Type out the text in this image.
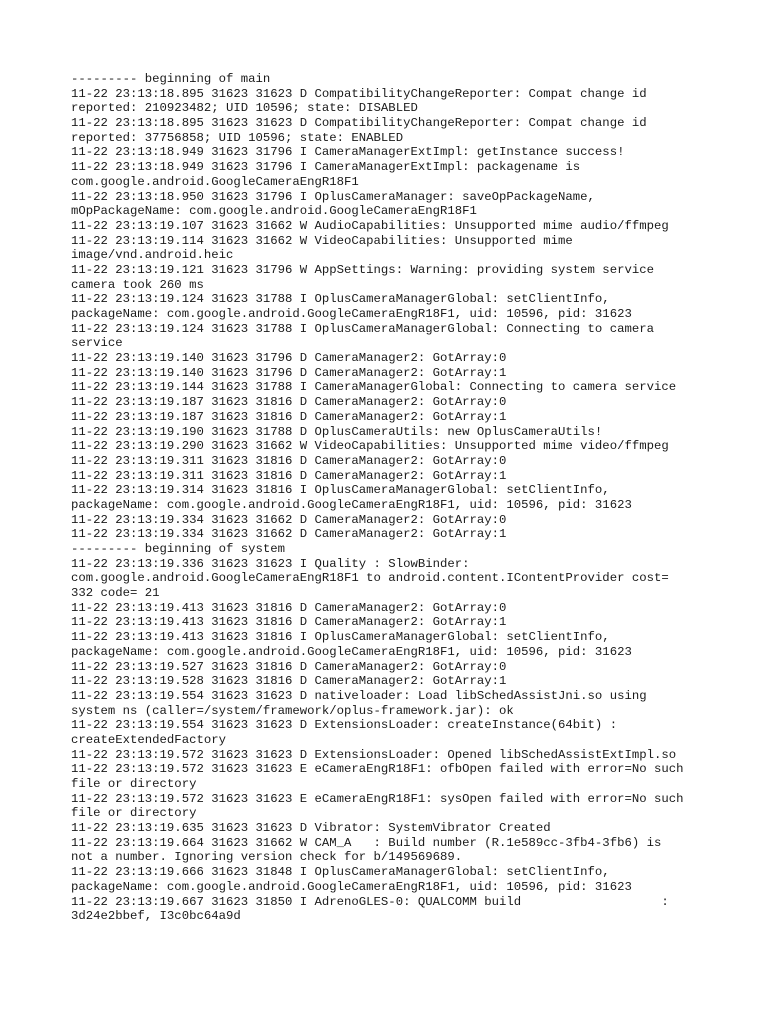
--------- beginning of main
11-22 23:13:18.895 31623 31623 D CompatibilityChangeReporter: Compat change id
reported: 210923482; UID 10596; state: DISABLED
11-22 23:13:18.895 31623 31623 D CompatibilityChangeReporter: Compat change id
reported: 37756858; UID 10596; state: ENABLED
11-22 23:13:18.949 31623 31796 I CameraManagerExtImpl: getInstance success!
11-22 23:13:18.949 31623 31796 I CameraManagerExtImpl: packagename is
com.google.android.GoogleCameraEngR18F1
11-22 23:13:18.950 31623 31796 I OplusCameraManager: saveOpPackageName,
mOpPackageName: com.google.android.GoogleCameraEngR18F1
11-22 23:13:19.107 31623 31662 W AudioCapabilities: Unsupported mime audio/ffmpeg
11-22 23:13:19.114 31623 31662 W VideoCapabilities: Unsupported mime
image/vnd.android.heic
11-22 23:13:19.121 31623 31796 W AppSettings: Warning: providing system service
camera took 260 ms
11-22 23:13:19.124 31623 31788 I OplusCameraManagerGlobal: setClientInfo,
packageName: com.google.android.GoogleCameraEngR18F1, uid: 10596, pid: 31623
11-22 23:13:19.124 31623 31788 I OplusCameraManagerGlobal: Connecting to camera
service
11-22 23:13:19.140 31623 31796 D CameraManager2: GotArray:0
11-22 23:13:19.140 31623 31796 D CameraManager2: GotArray:1
11-22 23:13:19.144 31623 31788 I CameraManagerGlobal: Connecting to camera service
11-22 23:13:19.187 31623 31816 D CameraManager2: GotArray:0
11-22 23:13:19.187 31623 31816 D CameraManager2: GotArray:1
11-22 23:13:19.190 31623 31788 D OplusCameraUtils: new OplusCameraUtils!
11-22 23:13:19.290 31623 31662 W VideoCapabilities: Unsupported mime video/ffmpeg
11-22 23:13:19.311 31623 31816 D CameraManager2: GotArray:0
11-22 23:13:19.311 31623 31816 D CameraManager2: GotArray:1
11-22 23:13:19.314 31623 31816 I OplusCameraManagerGlobal: setClientInfo,
packageName: com.google.android.GoogleCameraEngR18F1, uid: 10596, pid: 31623
11-22 23:13:19.334 31623 31662 D CameraManager2: GotArray:0
11-22 23:13:19.334 31623 31662 D CameraManager2: GotArray:1
--------- beginning of system
11-22 23:13:19.336 31623 31623 I Quality : SlowBinder:
com.google.android.GoogleCameraEngR18F1 to android.content.IContentProvider cost=
332 code= 21
11-22 23:13:19.413 31623 31816 D CameraManager2: GotArray:0
11-22 23:13:19.413 31623 31816 D CameraManager2: GotArray:1
11-22 23:13:19.413 31623 31816 I OplusCameraManagerGlobal: setClientInfo,
packageName: com.google.android.GoogleCameraEngR18F1, uid: 10596, pid: 31623
11-22 23:13:19.527 31623 31816 D CameraManager2: GotArray:0
11-22 23:13:19.528 31623 31816 D CameraManager2: GotArray:1
11-22 23:13:19.554 31623 31623 D nativeloader: Load libSchedAssistJni.so using
system ns (caller=/system/framework/oplus-framework.jar): ok
11-22 23:13:19.554 31623 31623 D ExtensionsLoader: createInstance(64bit) :
createExtendedFactory
11-22 23:13:19.572 31623 31623 D ExtensionsLoader: Opened libSchedAssistExtImpl.so
11-22 23:13:19.572 31623 31623 E eCameraEngR18F1: ofbOpen failed with error=No such
file or directory
11-22 23:13:19.572 31623 31623 E eCameraEngR18F1: sysOpen failed with error=No such
file or directory
11-22 23:13:19.635 31623 31623 D Vibrator: SystemVibrator Created
11-22 23:13:19.664 31623 31662 W CAM_A   : Build number (R.1e589cc-3fb4-3fb6) is
not a number. Ignoring version check for b/149569689.
11-22 23:13:19.666 31623 31848 I OplusCameraManagerGlobal: setClientInfo,
packageName: com.google.android.GoogleCameraEngR18F1, uid: 10596, pid: 31623
11-22 23:13:19.667 31623 31850 I AdrenoGLES-0: QUALCOMM build                   :
3d24e2bbef, I3c0bc64a9d
